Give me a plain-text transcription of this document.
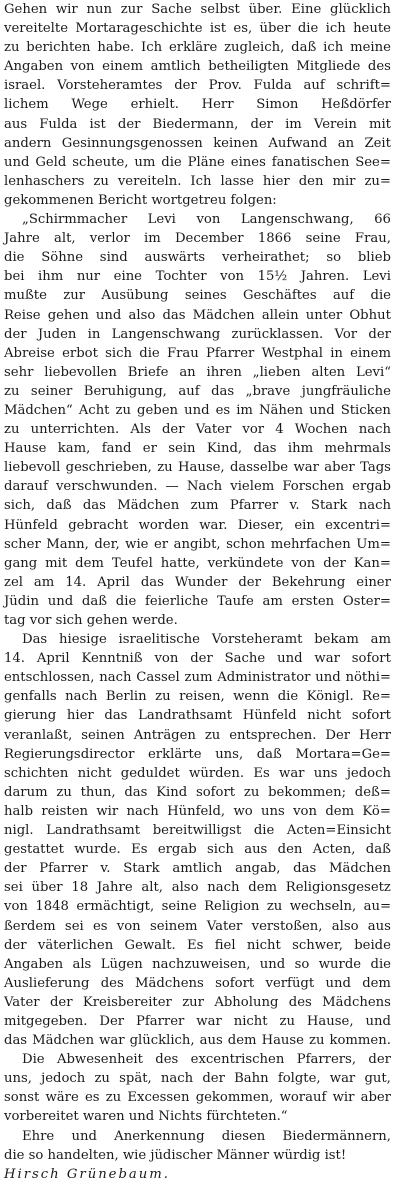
Gehen wir nun zur Sache selbst über. Eine glücklich
vereitelte Mortarageschichte ist es, über die ich heute
zu berichten habe. Ich erkläre zugleich, daß ich meine
Angaben von einem amtlich betheiligten Mitgliede des
israel. Vorsteheramtes der Prov. Fulda auf schrift=
lichem Wege erhielt. Herr Simon Heßdörfer
aus Fulda ist der Biedermann, der im Verein mit
andern Gesinnungsgenossen keinen Aufwand an Zeit
und Geld scheute, um die Pläne eines fanatischen See=
lenhaschers zu vereiteln. Ich lasse hier den mir zu=
gekommenen Bericht wortgetreu folgen:
„Schirmmacher Levi von Langenschwang, 66
Jahre alt, verlor im December 1866 seine Frau,
die Söhne sind auswärts verheirathet; so blieb
bei ihm nur eine Tochter von 15½ Jahren. Levi
mußte zur Ausübung seines Geschäftes auf die
Reise gehen und also das Mädchen allein unter Obhut
der Juden in Langenschwang zurücklassen. Vor der
Abreise erbot sich die Frau Pfarrer Westphal in einem
sehr liebevollen Briefe an ihren „lieben alten Levi“
zu seiner Beruhigung, auf das „brave jungfräuliche
Mädchen“ Acht zu geben und es im Nähen und Sticken
zu unterrichten. Als der Vater vor 4 Wochen nach
Hause kam, fand er sein Kind, das ihm mehrmals
liebevoll geschrieben, zu Hause, dasselbe war aber Tags
darauf verschwunden. — Nach vielem Forschen ergab
sich, daß das Mädchen zum Pfarrer v. Stark nach
Hünfeld gebracht worden war. Dieser, ein excentri=
scher Mann, der, wie er angibt, schon mehrfachen Um=
gang mit dem Teufel hatte, verkündete von der Kan=
zel am 14. April das Wunder der Bekehrung einer
Jüdin und daß die feierliche Taufe am ersten Oster=
tag vor sich gehen werde.
Das hiesige israelitische Vorsteheramt bekam am
14. April Kenntniß von der Sache und war sofort
entschlossen, nach Cassel zum Administrator und nöthi=
genfalls nach Berlin zu reisen, wenn die Königl. Re=
gierung hier das Landrathsamt Hünfeld nicht sofort
veranlaßt, seinen Anträgen zu entsprechen. Der Herr
Regierungsdirector erklärte uns, daß Mortara=Ge=
schichten nicht geduldet würden. Es war uns jedoch
darum zu thun, das Kind sofort zu bekommen; deß=
halb reisten wir nach Hünfeld, wo uns von dem Kö=
nigl. Landrathsamt bereitwilligst die Acten=Einsicht
gestattet wurde. Es ergab sich aus den Acten, daß
der Pfarrer v. Stark amtlich angab, das Mädchen
sei über 18 Jahre alt, also nach dem Religionsgesetz
von 1848 ermächtigt, seine Religion zu wechseln, au=
ßerdem sei es von seinem Vater verstoßen, also aus
der väterlichen Gewalt. Es fiel nicht schwer, beide
Angaben als Lügen nachzuweisen, und so wurde die
Auslieferung des Mädchens sofort verfügt und dem
Vater der Kreisbereiter zur Abholung des Mädchens
mitgegeben. Der Pfarrer war nicht zu Hause, und
das Mädchen war glücklich, aus dem Hause zu kommen.
Die Abwesenheit des excentrischen Pfarrers, der
uns, jedoch zu spät, nach der Bahn folgte, war gut,
sonst wäre es zu Excessen gekommen, worauf wir aber
vorbereitet waren und Nichts fürchteten.“
Ehre und Anerkennung diesen Biedermännern,
die so handelten, wie jüdischer Männer würdig ist!
Hirsch Grünebaum.
